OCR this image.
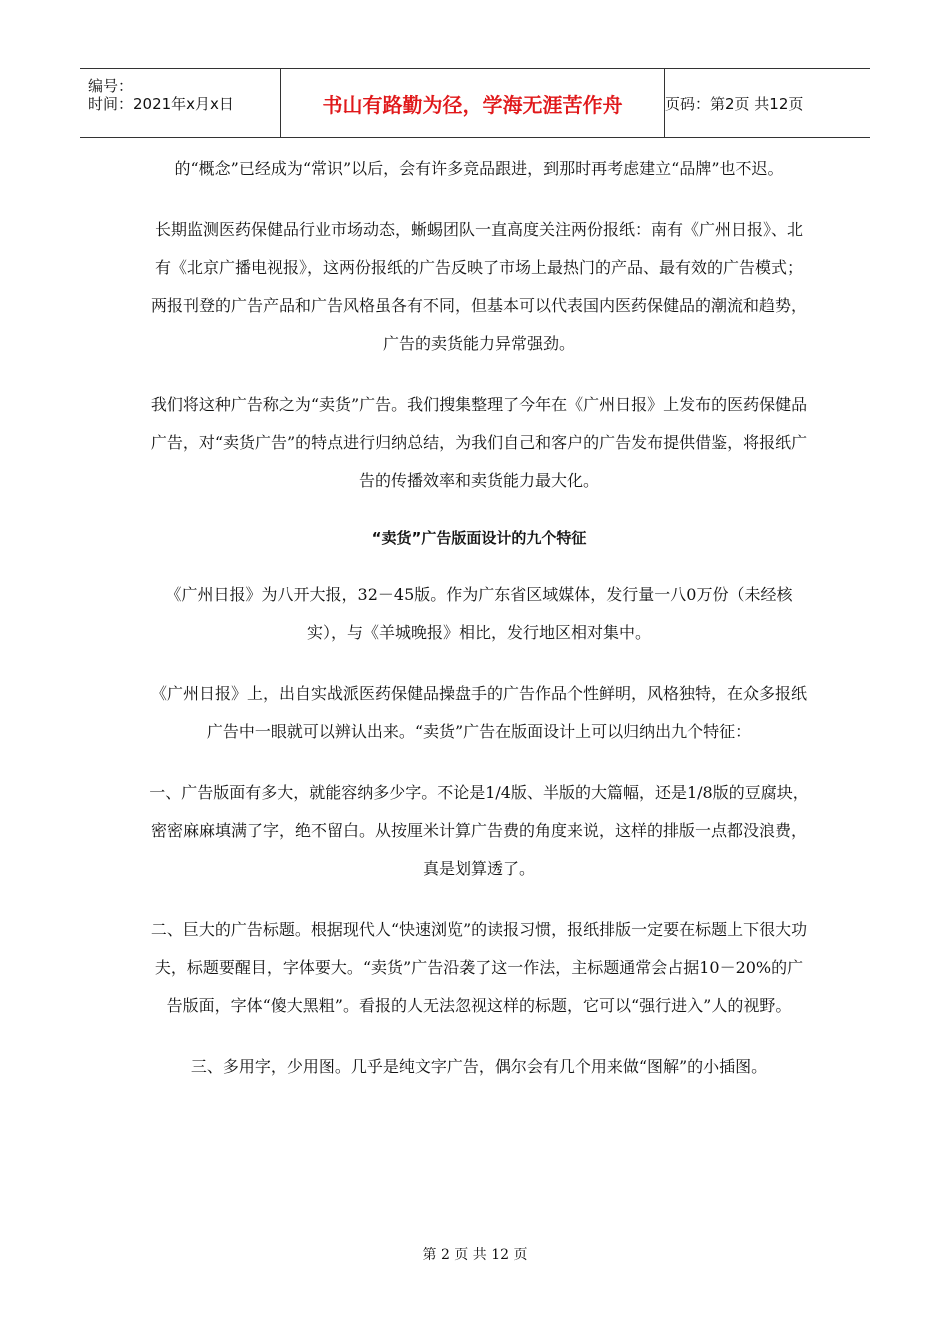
编号：
时间：2021年x月x日	书山有路勤为径，学海无涯苦作舟	页码：第2页 共12页

的“概念”已经成为“常识”以后，会有许多竞品跟进，到那时再考虑建立“品牌”也不迟。

长期监测医药保健品行业市场动态，蜥蜴团队一直高度关注两份报纸：南有《广州日报》、北有《北京广播电视报》，这两份报纸的广告反映了市场上最热门的产品、最有效的广告模式；两报刊登的广告产品和广告风格虽各有不同，但基本可以代表国内医药保健品的潮流和趋势，广告的卖货能力异常强劲。

我们将这种广告称之为“卖货”广告。我们搜集整理了今年在《广州日报》上发布的医药保健品广告，对“卖货广告”的特点进行归纳总结，为我们自己和客户的广告发布提供借鉴，将报纸广告的传播效率和卖货能力最大化。

“卖货”广告版面设计的九个特征

《广州日报》为八开大报，32－45版。作为广东省区域媒体，发行量一八0万份（未经核实），与《羊城晚报》相比，发行地区相对集中。

《广州日报》上，出自实战派医药保健品操盘手的广告作品个性鲜明，风格独特，在众多报纸广告中一眼就可以辨认出来。“卖货”广告在版面设计上可以归纳出九个特征：

一、广告版面有多大，就能容纳多少字。不论是1/4版、半版的大篇幅，还是1/8版的豆腐块，密密麻麻填满了字，绝不留白。从按厘米计算广告费的角度来说，这样的排版一点都没浪费，真是划算透了。

二、巨大的广告标题。根据现代人“快速浏览”的读报习惯，报纸排版一定要在标题上下很大功夫，标题要醒目，字体要大。“卖货”广告沿袭了这一作法，主标题通常会占据10－20%的广告版面，字体“傻大黑粗”。看报的人无法忽视这样的标题，它可以“强行进入”人的视野。

三、多用字，少用图。几乎是纯文字广告，偶尔会有几个用来做“图解”的小插图。

第 2 页 共 12 页
